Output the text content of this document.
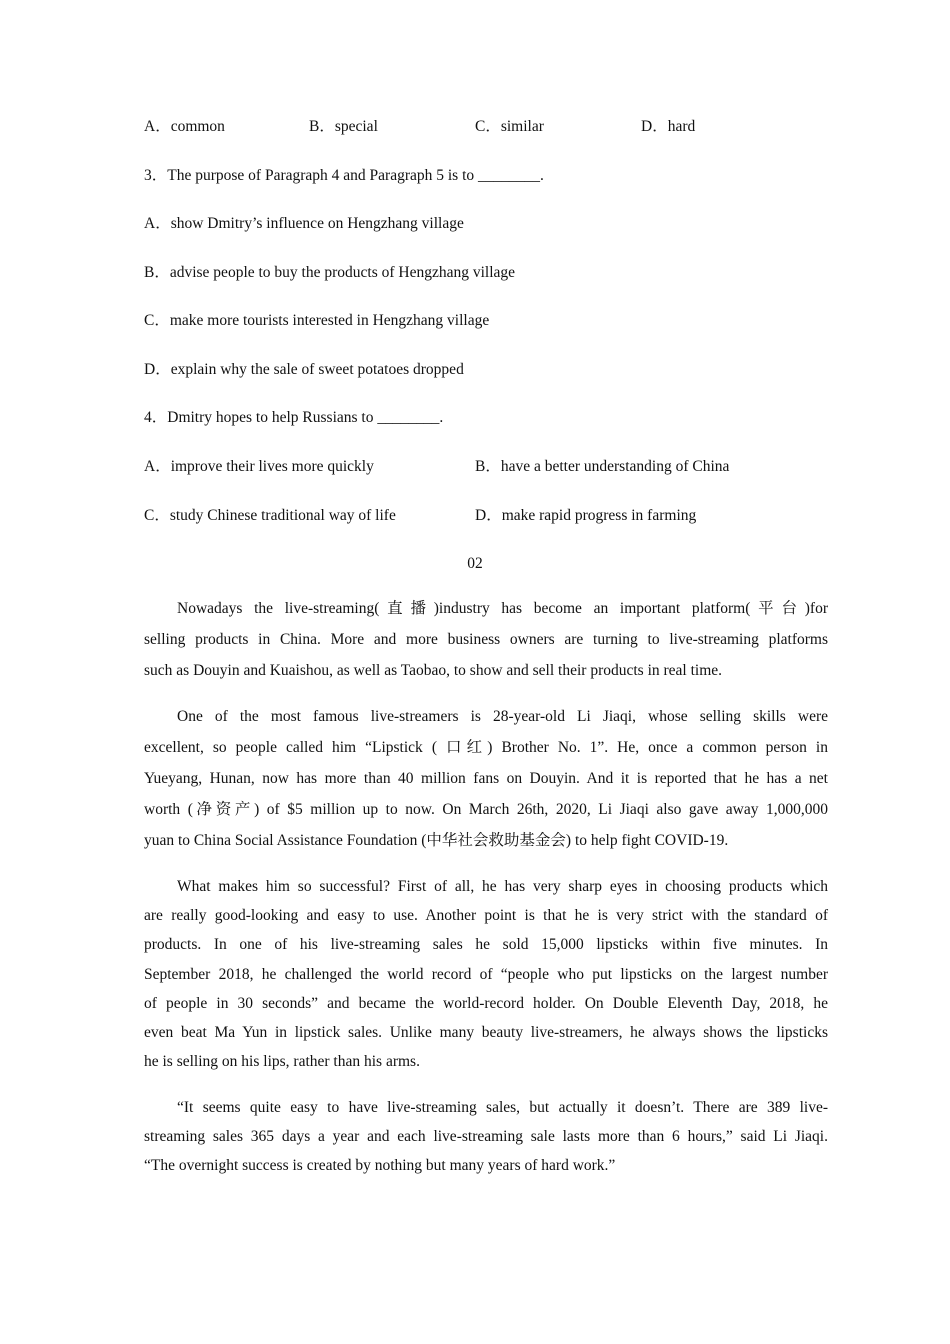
A．common	B．special	C．similar	D．hard
3．The purpose of Paragraph 4 and Paragraph 5 is to ________.
A．show Dmitry’s influence on Hengzhang village
B．advise people to buy the products of Hengzhang village
C．make more tourists interested in Hengzhang village
D．explain why the sale of sweet potatoes dropped
4．Dmitry hopes to help Russians to ________.
A．improve their lives more quickly	B．have a better understanding of China
C．study Chinese traditional way of life	D．make rapid progress in farming
02
Nowadays the live-streaming(直播)industry has become an important platform(平台)for
selling products in China. More and more business owners are turning to live-streaming platforms
such as Douyin and Kuaishou, as well as Taobao, to show and sell their products in real time.
One of the most famous live-streamers is 28-year-old Li Jiaqi, whose selling skills were
excellent, so people called him “Lipstick ( 口红) Brother No. 1”. He, once a common person in
Yueyang, Hunan, now has more than 40 million fans on Douyin. And it is reported that he has a net
worth (净资产) of $5 million up to now. On March 26th, 2020, Li Jiaqi also gave away 1,000,000
yuan to China Social Assistance Foundation (中华社会救助基金会) to help fight COVID-19.
What makes him so successful? First of all, he has very sharp eyes in choosing products which
are really good-looking and easy to use. Another point is that he is very strict with the standard of
products. In one of his live-streaming sales he sold 15,000 lipsticks within five minutes. In
September 2018, he challenged the world record of “people who put lipsticks on the largest number
of people in 30 seconds” and became the world-record holder. On Double Eleventh Day, 2018, he
even beat Ma Yun in lipstick sales. Unlike many beauty live-streamers, he always shows the lipsticks
he is selling on his lips, rather than his arms.
“It seems quite easy to have live-streaming sales, but actually it doesn’t. There are 389 live-
streaming sales 365 days a year and each live-streaming sale lasts more than 6 hours,” said Li Jiaqi.
“The overnight success is created by nothing but many years of hard work.”
